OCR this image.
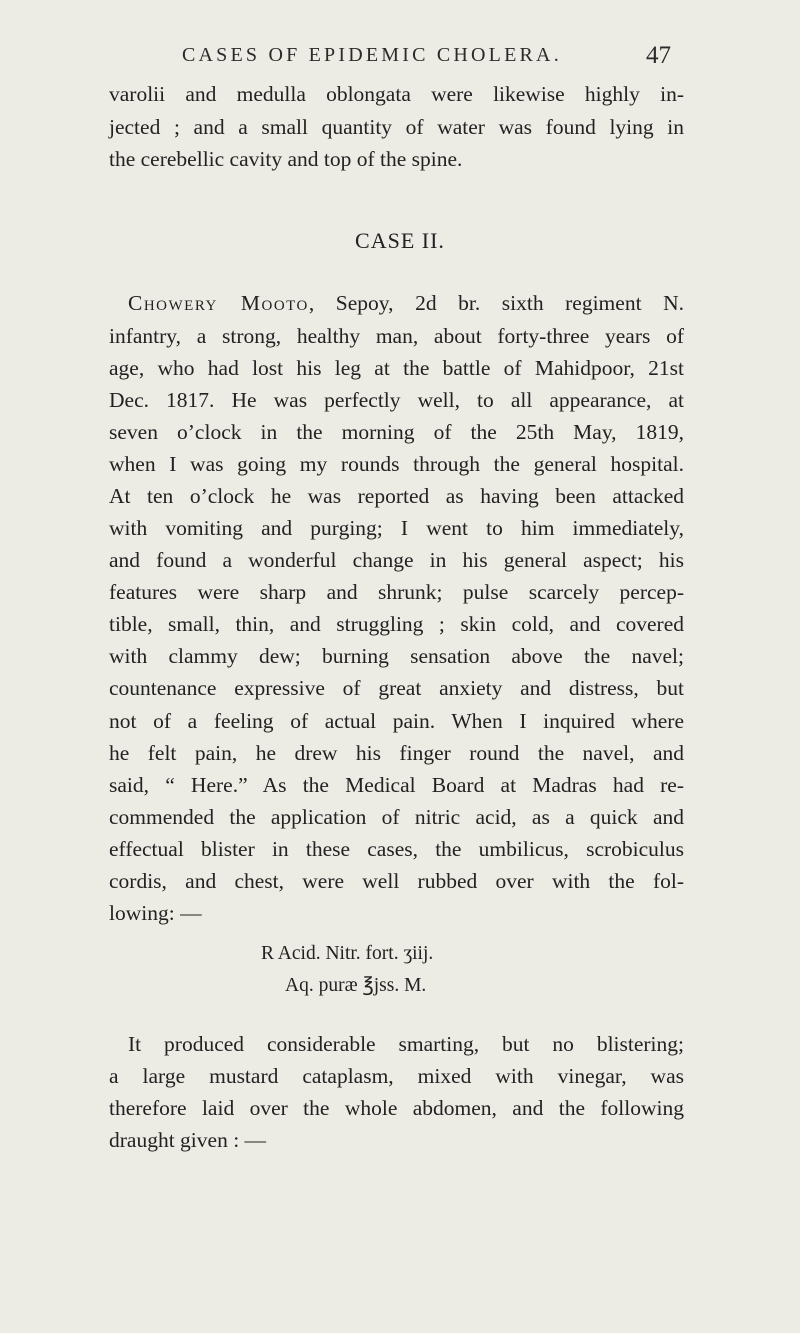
CASES OF EPIDEMIC CHOLERA.	47
varolii and medulla oblongata were likewise highly in-
jected ; and a small quantity of water was found lying in
the cerebellic cavity and top of the spine.
CASE II.
Chowery Mooto, Sepoy, 2d br. sixth regiment N.
infantry, a strong, healthy man, about forty-three years of
age, who had lost his leg at the battle of Mahidpoor, 21st
Dec. 1817. He was perfectly well, to all appearance, at
seven o’clock in the morning of the 25th May, 1819,
when I was going my rounds through the general hospital.
At ten o’clock he was reported as having been attacked
with vomiting and purging; I went to him immediately,
and found a wonderful change in his general aspect; his
features were sharp and shrunk; pulse scarcely percep-
tible, small, thin, and struggling ; skin cold, and covered
with clammy dew; burning sensation above the navel;
countenance expressive of great anxiety and distress, but
not of a feeling of actual pain. When I inquired where
he felt pain, he drew his finger round the navel, and
said, “ Here.” As the Medical Board at Madras had re-
commended the application of nitric acid, as a quick and
effectual blister in these cases, the umbilicus, scrobiculus
cordis, and chest, were well rubbed over with the fol-
lowing: —
R Acid. Nitr. fort. ʒiij.
Aq. puræ ℥jss. M.
It produced considerable smarting, but no blistering;
a large mustard cataplasm, mixed with vinegar, was
therefore laid over the whole abdomen, and the following
draught given : —
